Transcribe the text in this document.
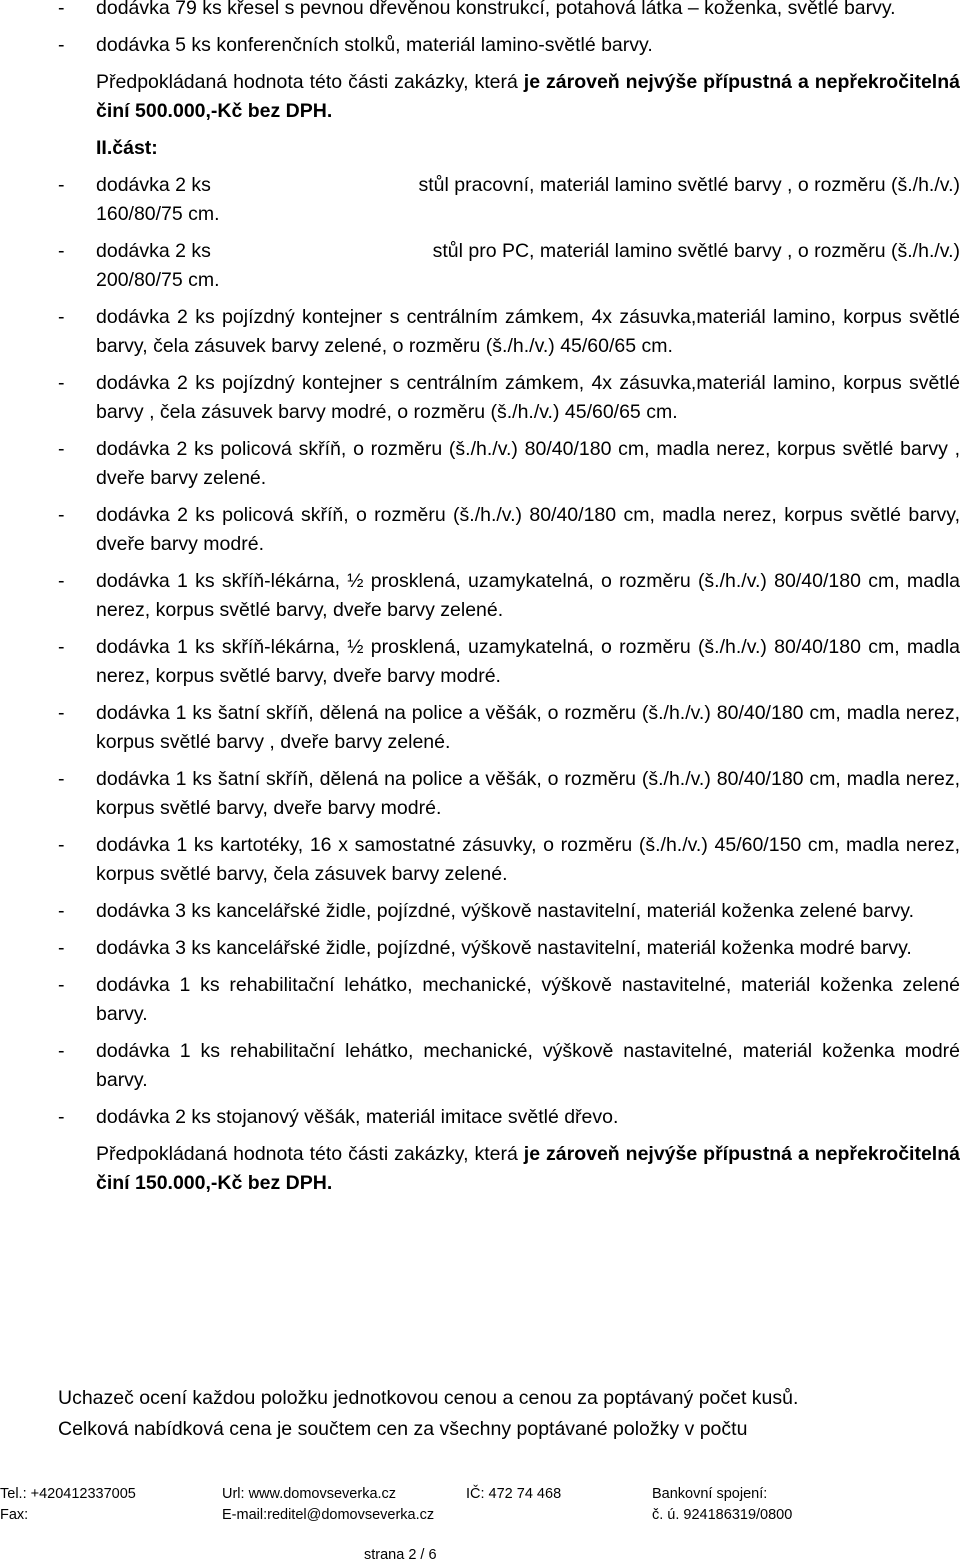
- dodávka 79 ks křesel s pevnou dřevěnou konstrukcí, potahová látka – koženka, světlé barvy.
- dodávka 5 ks konferenčních stolků, materiál lamino-světlé barvy.
Předpokládaná hodnota této části zakázky, která je zároveň nejvýše přípustná a nepřekročitelná činí 500.000,-Kč bez DPH.
II.část:
- dodávka 2 ks	stůl pracovní, materiál lamino světlé barvy , o rozměru (š./h./v.)
160/80/75 cm.
- dodávka 2 ks	stůl pro PC, materiál lamino světlé barvy , o rozměru (š./h./v.)
200/80/75 cm.
- dodávka 2 ks pojízdný kontejner s centrálním zámkem, 4x zásuvka,materiál lamino, korpus světlé barvy, čela zásuvek barvy zelené, o rozměru (š./h./v.) 45/60/65 cm.
- dodávka 2 ks pojízdný kontejner s centrálním zámkem, 4x zásuvka,materiál lamino, korpus světlé barvy , čela zásuvek barvy modré, o rozměru (š./h./v.) 45/60/65 cm.
- dodávka 2 ks policová skříň, o rozměru (š./h./v.) 80/40/180 cm, madla nerez, korpus světlé barvy , dveře barvy zelené.
- dodávka 2 ks policová skříň, o rozměru (š./h./v.) 80/40/180 cm, madla nerez, korpus světlé barvy, dveře barvy modré.
- dodávka 1 ks skříň-lékárna, ½ prosklená, uzamykatelná, o rozměru (š./h./v.) 80/40/180 cm, madla nerez, korpus světlé barvy, dveře barvy zelené.
- dodávka 1 ks skříň-lékárna, ½ prosklená, uzamykatelná, o rozměru (š./h./v.) 80/40/180 cm, madla nerez, korpus světlé barvy, dveře barvy modré.
- dodávka 1 ks šatní skříň, dělená na police a věšák, o rozměru (š./h./v.) 80/40/180 cm, madla nerez, korpus světlé barvy , dveře barvy zelené.
- dodávka 1 ks šatní skříň, dělená na police a věšák, o rozměru (š./h./v.) 80/40/180 cm, madla nerez, korpus světlé barvy, dveře barvy modré.
- dodávka 1 ks kartotéky, 16 x samostatné zásuvky, o rozměru (š./h./v.) 45/60/150 cm, madla nerez, korpus světlé barvy, čela zásuvek barvy zelené.
- dodávka 3 ks kancelářské židle, pojízdné, výškově nastavitelní, materiál koženka zelené barvy.
- dodávka 3 ks kancelářské židle, pojízdné, výškově nastavitelní, materiál koženka modré barvy.
- dodávka 1 ks rehabilitační lehátko, mechanické, výškově nastavitelné, materiál koženka zelené barvy.
- dodávka 1 ks rehabilitační lehátko, mechanické, výškově nastavitelné, materiál koženka modré barvy.
- dodávka 2 ks stojanový věšák, materiál imitace světlé dřevo.
Předpokládaná hodnota této části zakázky, která je zároveň nejvýše přípustná a nepřekročitelná činí 150.000,-Kč bez DPH.

Uchazeč ocení každou položku jednotkovou cenou a cenou za poptávaný počet kusů.

Celková nabídková cena je součtem cen za všechny poptávané položky v počtu

Tel.: +420412337005	Url: www.domovseverka.cz	IČ: 472 74 468	Bankovní spojení:
Fax:	E-mail:reditel@domovseverka.cz	č. ú. 924186319/0800
strana 2 / 6
